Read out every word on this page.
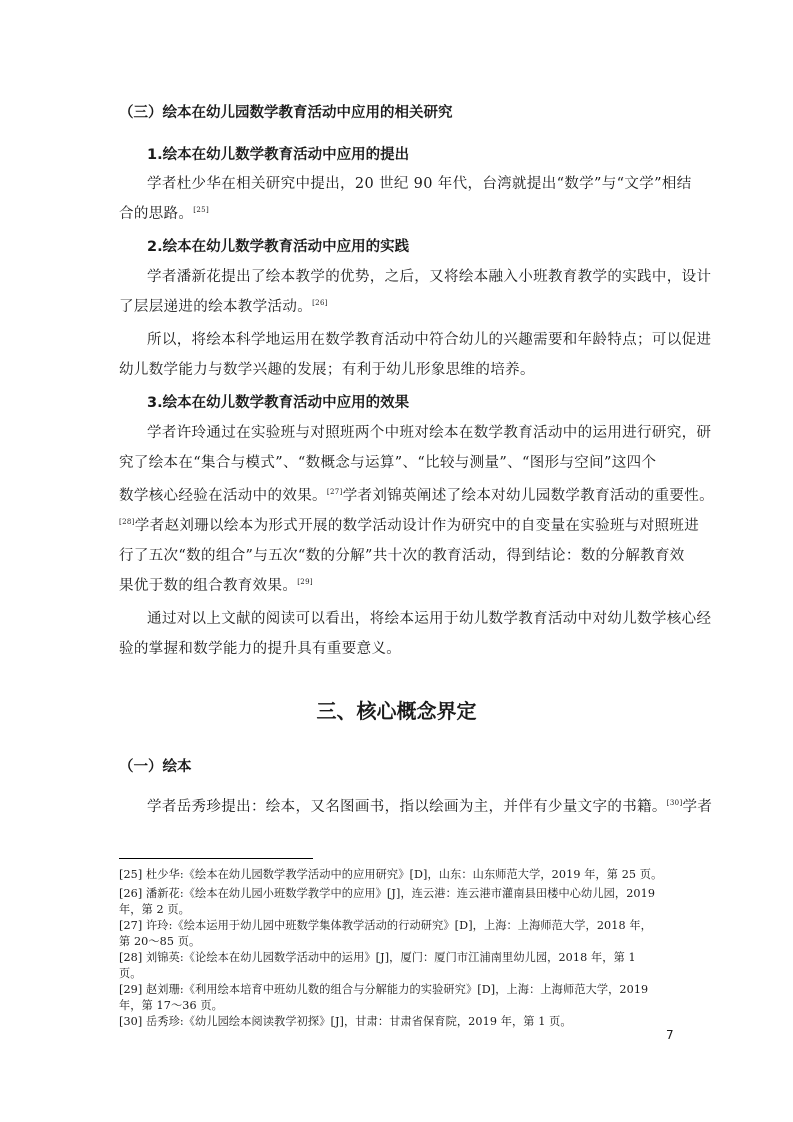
（三）绘本在幼儿园数学教育活动中应用的相关研究
1.绘本在幼儿数学教育活动中应用的提出
学者杜少华在相关研究中提出，20 世纪 90 年代，台湾就提出“数学”与“文学”相结
合的思路。[25]
2.绘本在幼儿数学教育活动中应用的实践
学者潘新花提出了绘本教学的优势，之后，又将绘本融入小班教育教学的实践中，设计
了层层递进的绘本教学活动。[26]
所以，将绘本科学地运用在数学教育活动中符合幼儿的兴趣需要和年龄特点；可以促进
幼儿数学能力与数学兴趣的发展；有利于幼儿形象思维的培养。
3.绘本在幼儿数学教育活动中应用的效果
学者许玲通过在实验班与对照班两个中班对绘本在数学教育活动中的运用进行研究，研
究了绘本在“集合与模式”、“数概念与运算”、“比较与测量”、“图形与空间”这四个
数学核心经验在活动中的效果。[27]学者刘锦英阐述了绘本对幼儿园数学教育活动的重要性。
[28]学者赵刘珊以绘本为形式开展的数学活动设计作为研究中的自变量在实验班与对照班进
行了五次“数的组合”与五次“数的分解”共十次的教育活动，得到结论：数的分解教育效
果优于数的组合教育效果。[29]
通过对以上文献的阅读可以看出，将绘本运用于幼儿数学教育活动中对幼儿数学核心经
验的掌握和数学能力的提升具有重要意义。
三、核心概念界定
（一）绘本
学者岳秀珍提出：绘本，又名图画书，指以绘画为主，并伴有少量文字的书籍。[30]学者
[25] 杜少华:《绘本在幼儿园数学教学活动中的应用研究》[D]，山东：山东师范大学，2019 年，第 25 页。
[26] 潘新花:《绘本在幼儿园小班数学教学中的应用》[J]，连云港：连云港市灌南县田楼中心幼儿园，2019
年，第 2 页。
[27] 许玲:《绘本运用于幼儿园中班数学集体教学活动的行动研究》[D]，上海：上海师范大学，2018 年，
第 20～85 页。
[28] 刘锦英:《论绘本在幼儿园数学活动中的运用》[J]，厦门：厦门市江浦南里幼儿园，2018 年，第 1
页。
[29] 赵刘珊:《利用绘本培育中班幼儿数的组合与分解能力的实验研究》[D]，上海：上海师范大学，2019
年，第 17～36 页。
[30] 岳秀珍:《幼儿园绘本阅读教学初探》[J]，甘肃：甘肃省保育院，2019 年，第 1 页。
7
